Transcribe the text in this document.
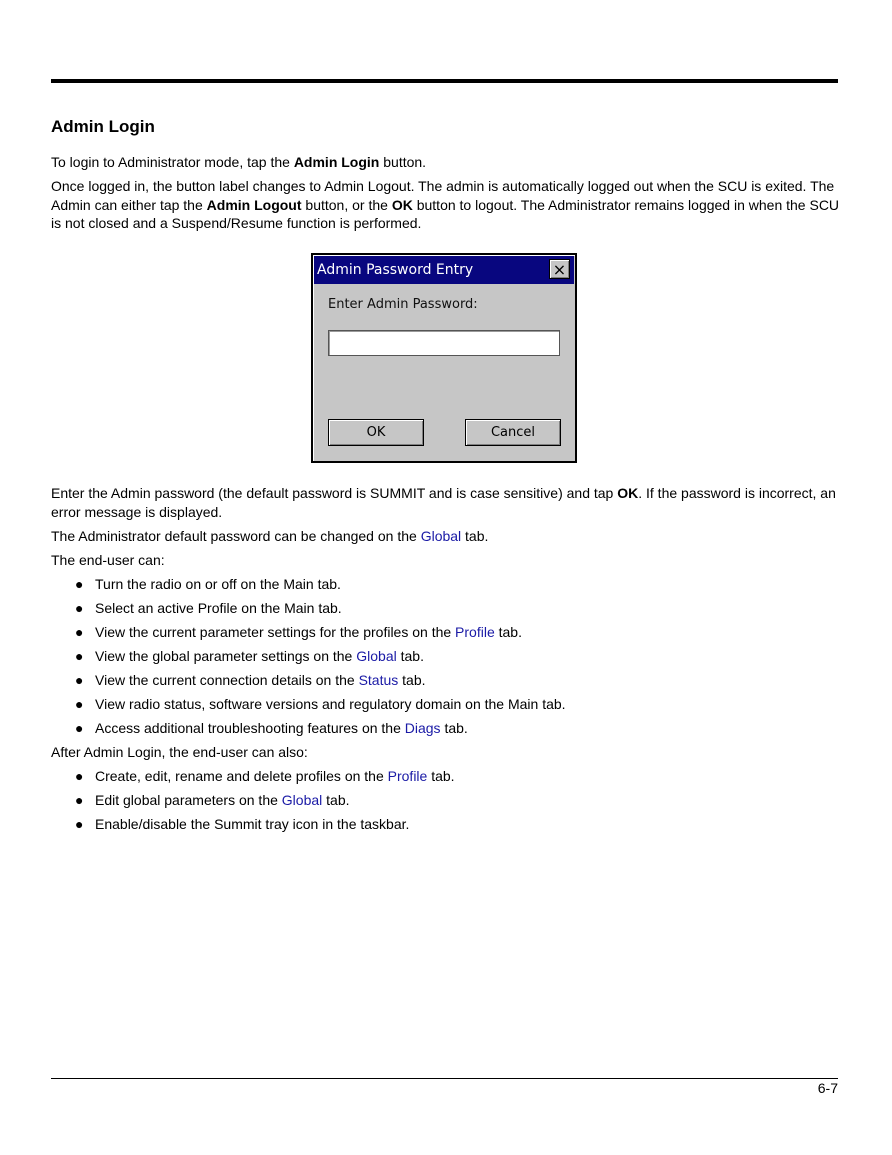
Admin Login

To login to Administrator mode, tap the Admin Login button.

Once logged in, the button label changes to Admin Logout. The admin is automatically logged out when the SCU is exited. The Admin can either tap the Admin Logout button, or the OK button to logout. The Administrator remains logged in when the SCU is not closed and a Suspend/Resume function is performed.

Admin Password Entry	×
Enter Admin Password:
OK	Cancel

Enter the Admin password (the default password is SUMMIT and is case sensitive) and tap OK. If the password is incorrect, an error message is displayed.

The Administrator default password can be changed on the Global tab.

The end-user can:

● Turn the radio on or off on the Main tab.
● Select an active Profile on the Main tab.
● View the current parameter settings for the profiles on the Profile tab.
● View the global parameter settings on the Global tab.
● View the current connection details on the Status tab.
● View radio status, software versions and regulatory domain on the Main tab.
● Access additional troubleshooting features on the Diags tab.

After Admin Login, the end-user can also:

● Create, edit, rename and delete profiles on the Profile tab.
● Edit global parameters on the Global tab.
● Enable/disable the Summit tray icon in the taskbar.
6-7
